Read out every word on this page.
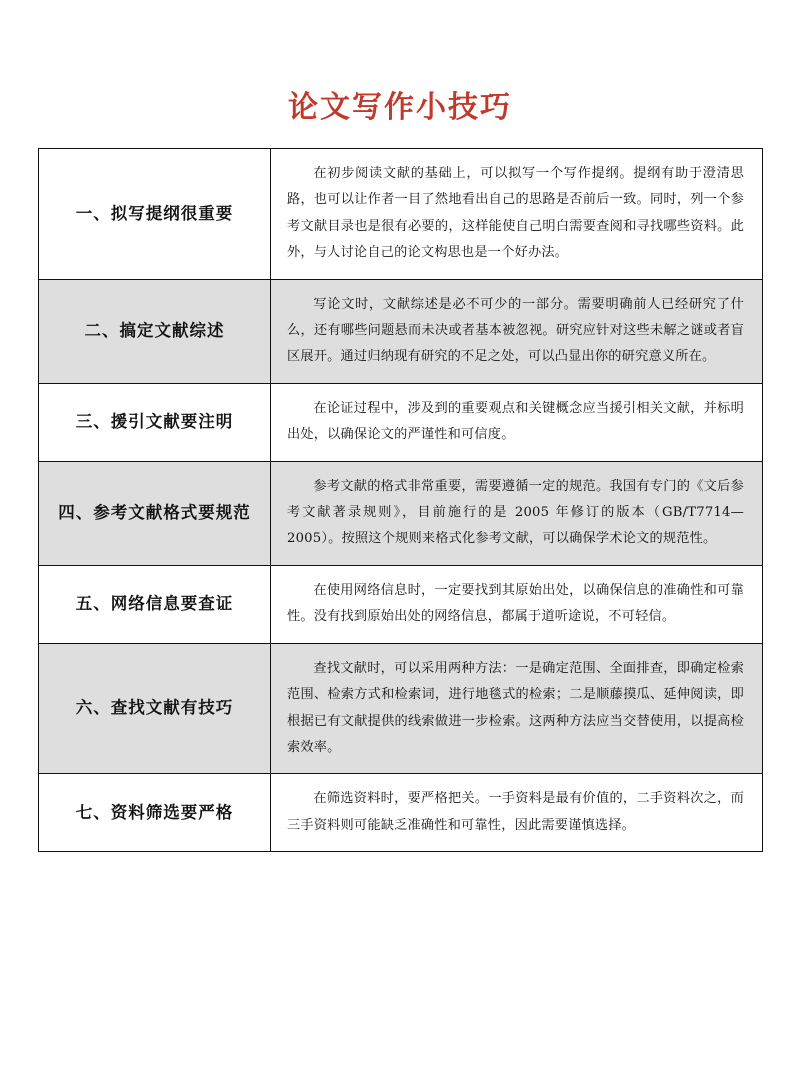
论文写作小技巧
一、拟写提纲很重要	在初步阅读文献的基础上，可以拟写一个写作提纲。提纲有助于澄清思路，也可以让作者一目了然地看出自己的思路是否前后一致。同时，列一个参考文献目录也是很有必要的，这样能使自己明白需要查阅和寻找哪些资料。此外，与人讨论自己的论文构思也是一个好办法。

二、搞定文献综述	写论文时，文献综述是必不可少的一部分。需要明确前人已经研究了什么，还有哪些问题悬而未决或者基本被忽视。研究应针对这些未解之谜或者盲区展开。通过归纳现有研究的不足之处，可以凸显出你的研究意义所在。

三、援引文献要注明	在论证过程中，涉及到的重要观点和关键概念应当援引相关文献，并标明出处，以确保论文的严谨性和可信度。

四、参考文献格式要规范	参考文献的格式非常重要，需要遵循一定的规范。我国有专门的《文后参考文献著录规则》，目前施行的是 2005 年修订的版本（GB/T7714—2005）。按照这个规则来格式化参考文献，可以确保学术论文的规范性。

五、网络信息要查证	在使用网络信息时，一定要找到其原始出处，以确保信息的准确性和可靠性。没有找到原始出处的网络信息，都属于道听途说，不可轻信。

六、查找文献有技巧	查找文献时，可以采用两种方法：一是确定范围、全面排查，即确定检索范围、检索方式和检索词，进行地毯式的检索；二是顺藤摸瓜、延伸阅读，即根据已有文献提供的线索做进一步检索。这两种方法应当交替使用，以提高检索效率。

七、资料筛选要严格	在筛选资料时，要严格把关。一手资料是最有价值的，二手资料次之，而三手资料则可能缺乏准确性和可靠性，因此需要谨慎选择。
